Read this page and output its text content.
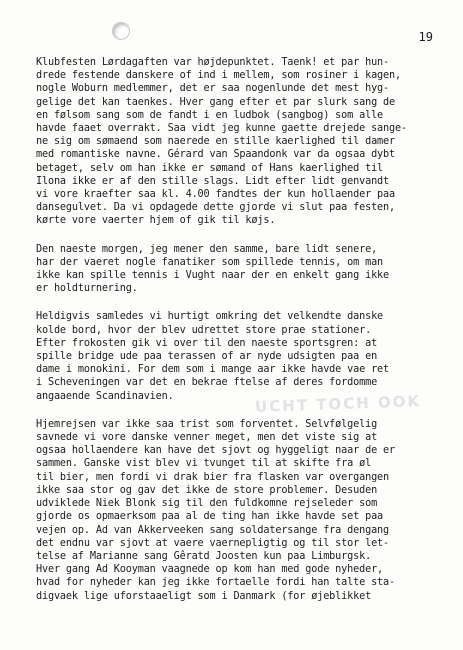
19
UCHT TOCH OOK
Klubfesten Lørdagaften var højdepunktet. Taenk! et par hun-
drede festende danskere of ind i mellem, som rosiner i kagen,
nogle Woburn medlemmer, det er saa nogenlunde det mest hyg-
gelige det kan taenkes. Hver gang efter et par slurk sang de
en følsom sang som de fandt i en ludbok (sangbog) som alle
havde faaet overrakt. Saa vidt jeg kunne gaette drejede sange-
ne sig om sømaend som naerede en stille kaerlighed til damer
med romantiske navne. Gérard van Spaandonk var da ogsaa dybt
betaget, selv om han ikke er sømand of Hans kaerlighed til
Ilona ikke er af den stille slags. Lidt efter lidt genvandt
vi vore kraefter saa kl. 4.00 fandtes der kun hollaender paa
dansegulvet. Da vi opdagede dette gjorde vi slut paa festen,
kørte vore vaerter hjem of gik til køjs.
Den naeste morgen, jeg mener den samme, bare lidt senere,
har der vaeret nogle fanatiker som spillede tennis, om man
ikke kan spille tennis i Vught naar der en enkelt gang ikke
er holdturnering.
Heldigvis samledes vi hurtigt omkring det velkendte danske
kolde bord, hvor der blev udrettet store prae stationer.
Efter frokosten gik vi over til den naeste sportsgren: at
spille bridge ude paa terassen of ar nyde udsigten paa en
dame i monokini. For dem som i mange aar ikke havde vae ret
i Scheveningen var det en bekrae ftelse af deres fordomme
angaaende Scandinavien.
Hjemrejsen var ikke saa trist som forventet. Selvfølgelig
savnede vi vore danske venner meget, men det viste sig at
ogsaa hollaendere kan have det sjovt og hyggeligt naar de er
sammen. Ganske vist blev vi tvunget til at skifte fra øl
til bier, men fordi vi drak bier fra flasken var overgangen
ikke saa stor og gav det ikke de store problemer. Desuden
udviklede Niek Blonk sig til den fuldkomne rejseleder som
gjorde os opmaerksom paa al de ting han ikke havde set paa
vejen op. Ad van Akkerveeken sang soldatersange fra dengang
det endnu var sjovt at vaere vaernepligtig og til stor let-
telse af Marianne sang Gêratd Joosten kun paa Limburgsk.
Hver gang Ad Kooyman vaagnede op kom han med gode nyheder,
hvad for nyheder kan jeg ikke fortaelle fordi han talte sta-
digvaek lige uforstaaeligt som i Danmark (for øjeblikket
